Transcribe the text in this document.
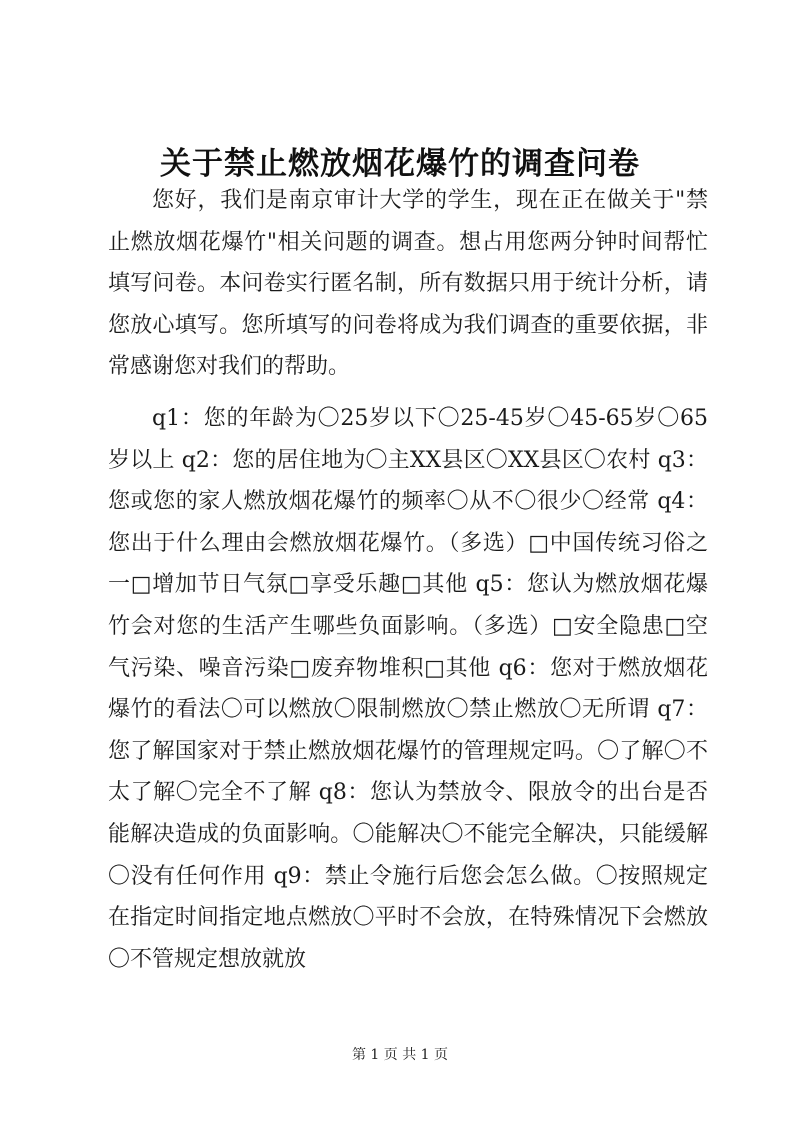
关于禁止燃放烟花爆竹的调查问卷

您好，我们是南京审计大学的学生，现在正在做关于"禁止燃放烟花爆竹"相关问题的调查。想占用您两分钟时间帮忙填写问卷。本问卷实行匿名制，所有数据只用于统计分析，请您放心填写。您所填写的问卷将成为我们调查的重要依据，非常感谢您对我们的帮助。

q1：您的年龄为〇25岁以下〇25-45岁〇45-65岁〇65岁以上 q2：您的居住地为〇主XX县区〇XX县区〇农村 q3：您或您的家人燃放烟花爆竹的频率〇从不〇很少〇经常 q4：您出于什么理由会燃放烟花爆竹。（多选）□中国传统习俗之一□增加节日气氛□享受乐趣□其他 q5：您认为燃放烟花爆竹会对您的生活产生哪些负面影响。（多选）□安全隐患□空气污染、噪音污染□废弃物堆积□其他 q6：您对于燃放烟花爆竹的看法〇可以燃放〇限制燃放〇禁止燃放〇无所谓 q7：您了解国家对于禁止燃放烟花爆竹的管理规定吗。〇了解〇不太了解〇完全不了解 q8：您认为禁放令、限放令的出台是否能解决造成的负面影响。〇能解决〇不能完全解决，只能缓解〇没有任何作用 q9：禁止令施行后您会怎么做。〇按照规定在指定时间指定地点燃放〇平时不会放，在特殊情况下会燃放〇不管规定想放就放

第 1 页 共 1 页
